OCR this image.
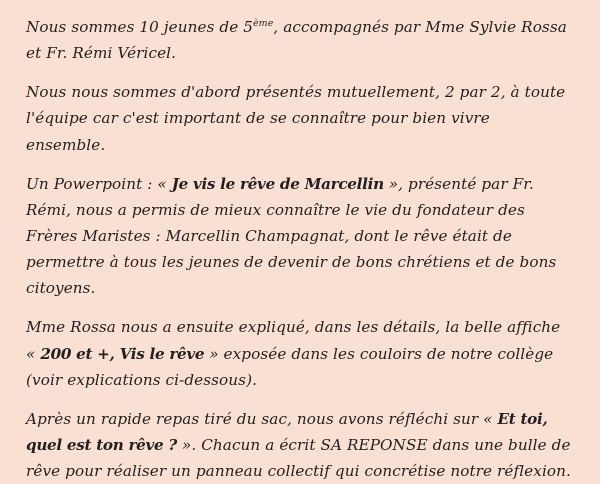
Nous sommes 10 jeunes de 5ème, accompagnés par Mme Sylvie Rossa et Fr. Rémi Véricel.

Nous nous sommes d'abord présentés mutuellement, 2 par 2, à toute l'équipe car c'est important de se connaître pour bien vivre ensemble.

Un Powerpoint : « Je vis le rêve de Marcellin », présenté par Fr. Rémi, nous a permis de mieux connaître le vie du fondateur des Frères Maristes : Marcellin Champagnat, dont le rêve était de permettre à tous les jeunes de devenir de bons chrétiens et de bons citoyens.

Mme Rossa nous a ensuite expliqué, dans les détails, la belle affiche « 200 et +, Vis le rêve » exposée dans les couloirs de notre collège (voir explications ci-dessous).

Après un rapide repas tiré du sac, nous avons réfléchi sur « Et toi, quel est ton rêve ? ». Chacun a écrit SA REPONSE dans une bulle de rêve pour réaliser un panneau collectif qui concrétise notre réflexion.
